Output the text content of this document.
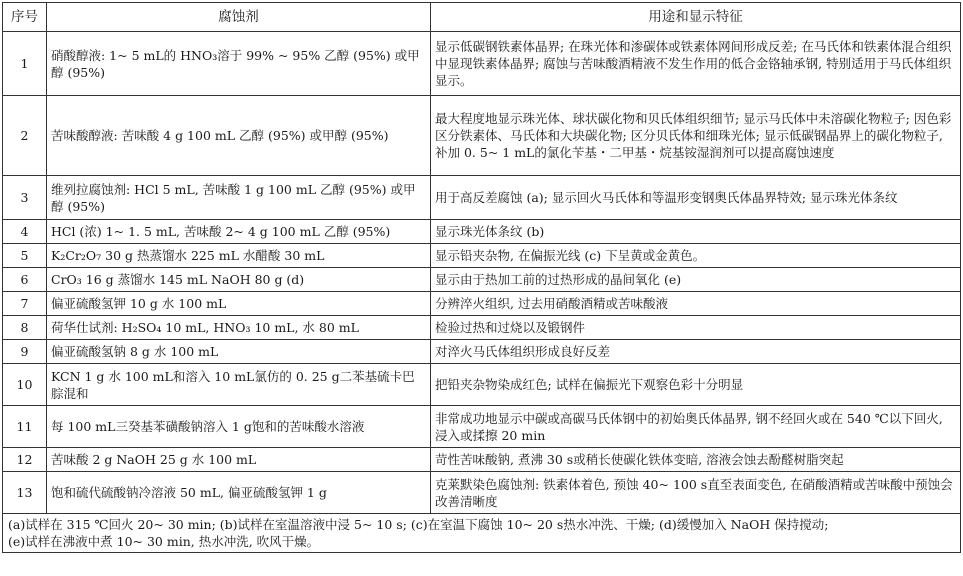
序号	腐蚀剂	用途和显示特征
1	硝酸醇液: 1~ 5 mL的 HNO₃溶于 99% ~ 95% 乙醇 (95%) 或甲醇 (95%)	显示低碳钢铁素体晶界; 在珠光体和渗碳体或铁素体网间形成反差; 在马氏体和铁素体混合组织中显现铁素体晶界; 腐蚀与苦味酸酒精液不发生作用的低合金铬轴承钢, 特别适用于马氏体组织显示。
2	苦味酸醇液: 苦味酸 4 g 100 mL 乙醇 (95%) 或甲醇 (95%)	最大程度地显示珠光体、球状碳化物和贝氏体组织细节; 显示马氏体中未溶碳化物粒子; 因色彩区分铁素体、马氏体和大块碳化物; 区分贝氏体和细珠光体; 显示低碳钢晶界上的碳化物粒子, 补加 0. 5~ 1 mL的氯化苄基・二甲基・烷基铵湿润剂可以提高腐蚀速度
3	维列拉腐蚀剂: HCl 5 mL, 苦味酸 1 g 100 mL 乙醇 (95%) 或甲醇 (95%)	用于高反差腐蚀 (a); 显示回火马氏体和等温形变钢奥氏体晶界特效; 显示珠光体条纹
4	HCl (浓) 1~ 1. 5 mL, 苦味酸 2~ 4 g 100 mL 乙醇 (95%)	显示珠光体条纹 (b)
5	K₂Cr₂O₇ 30 g 热蒸馏水 225 mL 水醋酸 30 mL	显示铅夹杂物, 在偏振光线 (c) 下呈黄或金黄色。
6	CrO₃ 16 g 蒸馏水 145 mL NaOH 80 g (d)	显示由于热加工前的过热形成的晶间氧化 (e)
7	偏亚硫酸氢钾 10 g 水 100 mL	分辨淬火组织, 过去用硝酸酒精或苦味酸液
8	荷华仕试剂: H₂SO₄ 10 mL, HNO₃ 10 mL, 水 80 mL	检验过热和过烧以及锻钢件
9	偏亚硫酸氢钠 8 g 水 100 mL	对淬火马氏体组织形成良好反差
10	KCN 1 g 水 100 mL和溶入 10 mL氯仿的 0. 25 g二苯基硫卡巴腙混和	把铅夹杂物染成红色; 试样在偏振光下观察色彩十分明显
11	每 100 mL三癸基苯磺酸钠溶入 1 g饱和的苦味酸水溶液	非常成功地显示中碳或高碳马氏体钢中的初始奥氏体晶界, 钢不经回火或在 540 ℃以下回火, 浸入或揉擦 20 min
12	苦味酸 2 g NaOH 25 g 水 100 mL	苛性苦味酸钠, 煮沸 30 s或稍长使碳化铁体变暗, 溶液会蚀去酚醛树脂突起
13	饱和硫代硫酸钠冷溶液 50 mL, 偏亚硫酸氢钾 1 g	克莱默染色腐蚀剂: 铁素体着色, 预蚀 40~ 100 s直至表面变色, 在硝酸酒精或苦味酸中预蚀会改善清晰度

(a)试样在 315 ℃回火 20~ 30 min; (b)试样在室温溶液中浸 5~ 10 s; (c)在室温下腐蚀 10~ 20 s热水冲洗、干燥; (d)缓慢加入 NaOH 保持搅动;
(e)试样在沸液中煮 10~ 30 min, 热水冲洗, 吹风干燥。		
